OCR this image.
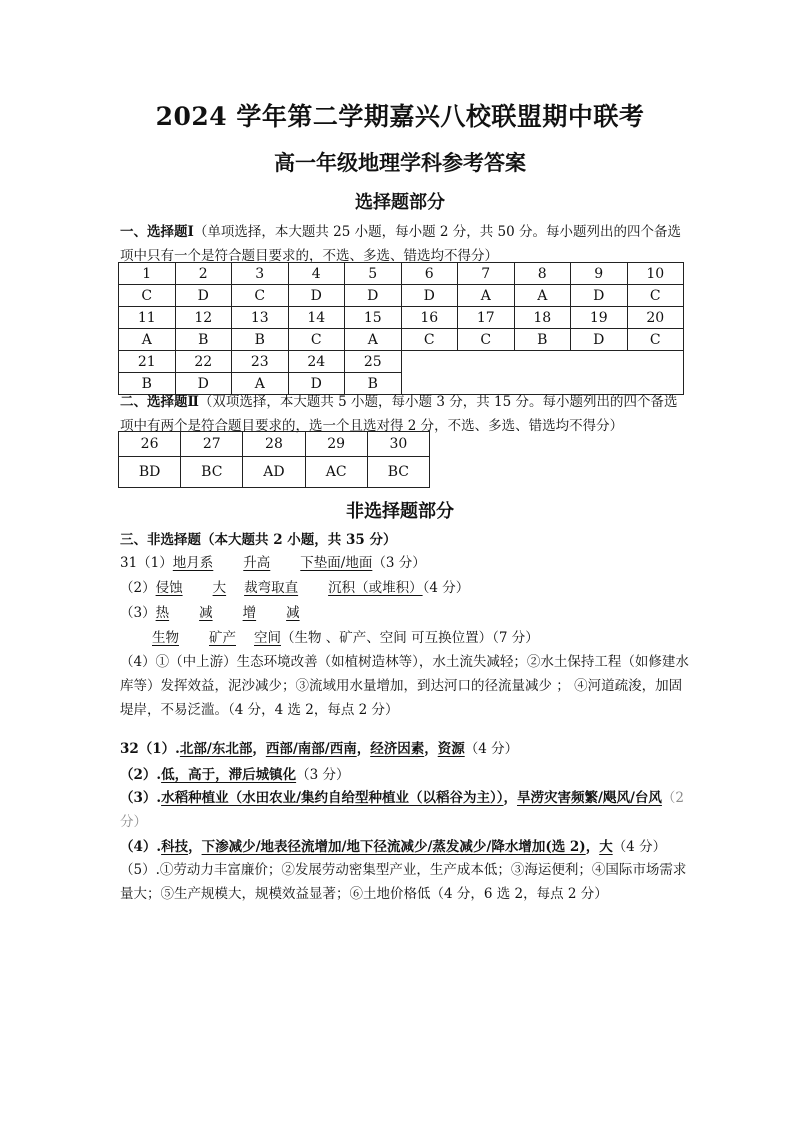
2024 学年第二学期嘉兴八校联盟期中联考
高一年级地理学科参考答案
选择题部分
一、选择题Ⅰ（单项选择，本大题共 25 小题，每小题 2 分，共 50 分。每小题列出的四个备选项中只有一个是符合题目要求的，不选、多选、错选均不得分）
1	2	3	4	5	6	7	8	9	10
C	D	C	D	D	D	A	A	D	C
11	12	13	14	15	16	17	18	19	20
A	B	B	C	A	C	C	B	D	C
21	22	23	24	25					
B	D	A	D	B					
二、选择题Ⅱ（双项选择，本大题共 5 小题，每小题 3 分，共 15 分。每小题列出的四个备选项中有两个是符合题目要求的，选一个且选对得 2 分，不选、多选、错选均不得分）
26	27	28	29	30
BD	BC	AD	AC	BC
非选择题部分
三、非选择题（本大题共 2 小题，共 35 分）
31（1）地月系 升高 下垫面/地面（3 分）
（2）侵蚀 大 裁弯取直 沉积（或堆积）（4 分）
（3）热 减 增 减
生物 矿产 空间（生物 、矿产、空间 可互换位置）（7 分）
（4）①（中上游）生态环境改善（如植树造林等），水土流失减轻；②水土保持工程（如修建水库等）发挥效益，泥沙减少；③流域用水量增加，到达河口的径流量减少 ； ④河道疏浚，加固堤岸，不易泛滥。（4 分，4 选 2，每点 2 分）
32（1）.北部/东北部，西部/南部/西南，经济因素，资源（4 分）
（2）.低，高于，滞后城镇化（3 分）
（3）.水稻种植业（水田农业/集约自给型种植业（以稻谷为主）），旱涝灾害频繁/飓风/台风（2 分）
（4）.科技，下渗减少/地表径流增加/地下径流减少/蒸发减少/降水增加(选 2)，大（4 分）
（5）.①劳动力丰富廉价；②发展劳动密集型产业，生产成本低；③海运便利；④国际市场需求量大；⑤生产规模大，规模效益显著；⑥土地价格低（4 分，6 选 2，每点 2 分）
